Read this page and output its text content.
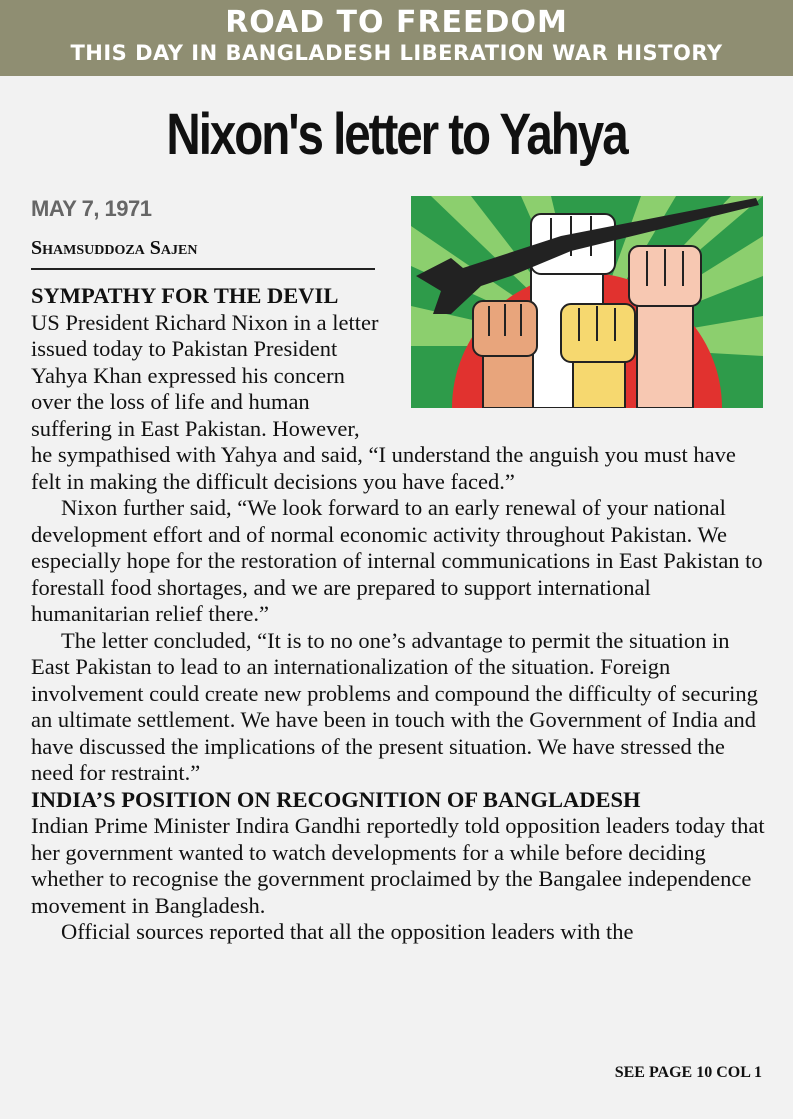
ROAD TO FREEDOM
THIS DAY IN BANGLADESH LIBERATION WAR HISTORY
Nixon's letter to Yahya
MAY 7, 1971
Shamsuddoza Sajen
SYMPATHY FOR THE DEVIL

US President Richard Nixon in a letter issued today to Pakistan President Yahya Khan expressed his concern over the loss of life and human suffering in East Pakistan. However, he sympathised with Yahya and said, “I understand the anguish you must have felt in making the difficult decisions you have faced.”

Nixon further said, “We look forward to an early renewal of your national development effort and of normal economic activity throughout Pakistan. We especially hope for the restoration of internal communications in East Pakistan to forestall food shortages, and we are prepared to support international humanitarian relief there.”

The letter concluded, “It is to no one’s advantage to permit the situation in East Pakistan to lead to an internationalization of the situation. Foreign involvement could create new problems and compound the difficulty of securing an ultimate settlement. We have been in touch with the Government of India and have discussed the implications of the present situation. We have stressed the need for restraint.”

INDIA’S POSITION ON RECOGNITION OF BANGLADESH

Indian Prime Minister Indira Gandhi reportedly told opposition leaders today that her government wanted to watch developments for a while before deciding whether to recognise the government proclaimed by the Bangalee independence movement in Bangladesh.

Official sources reported that all the opposition leaders with the

SEE PAGE 10 COL 1
